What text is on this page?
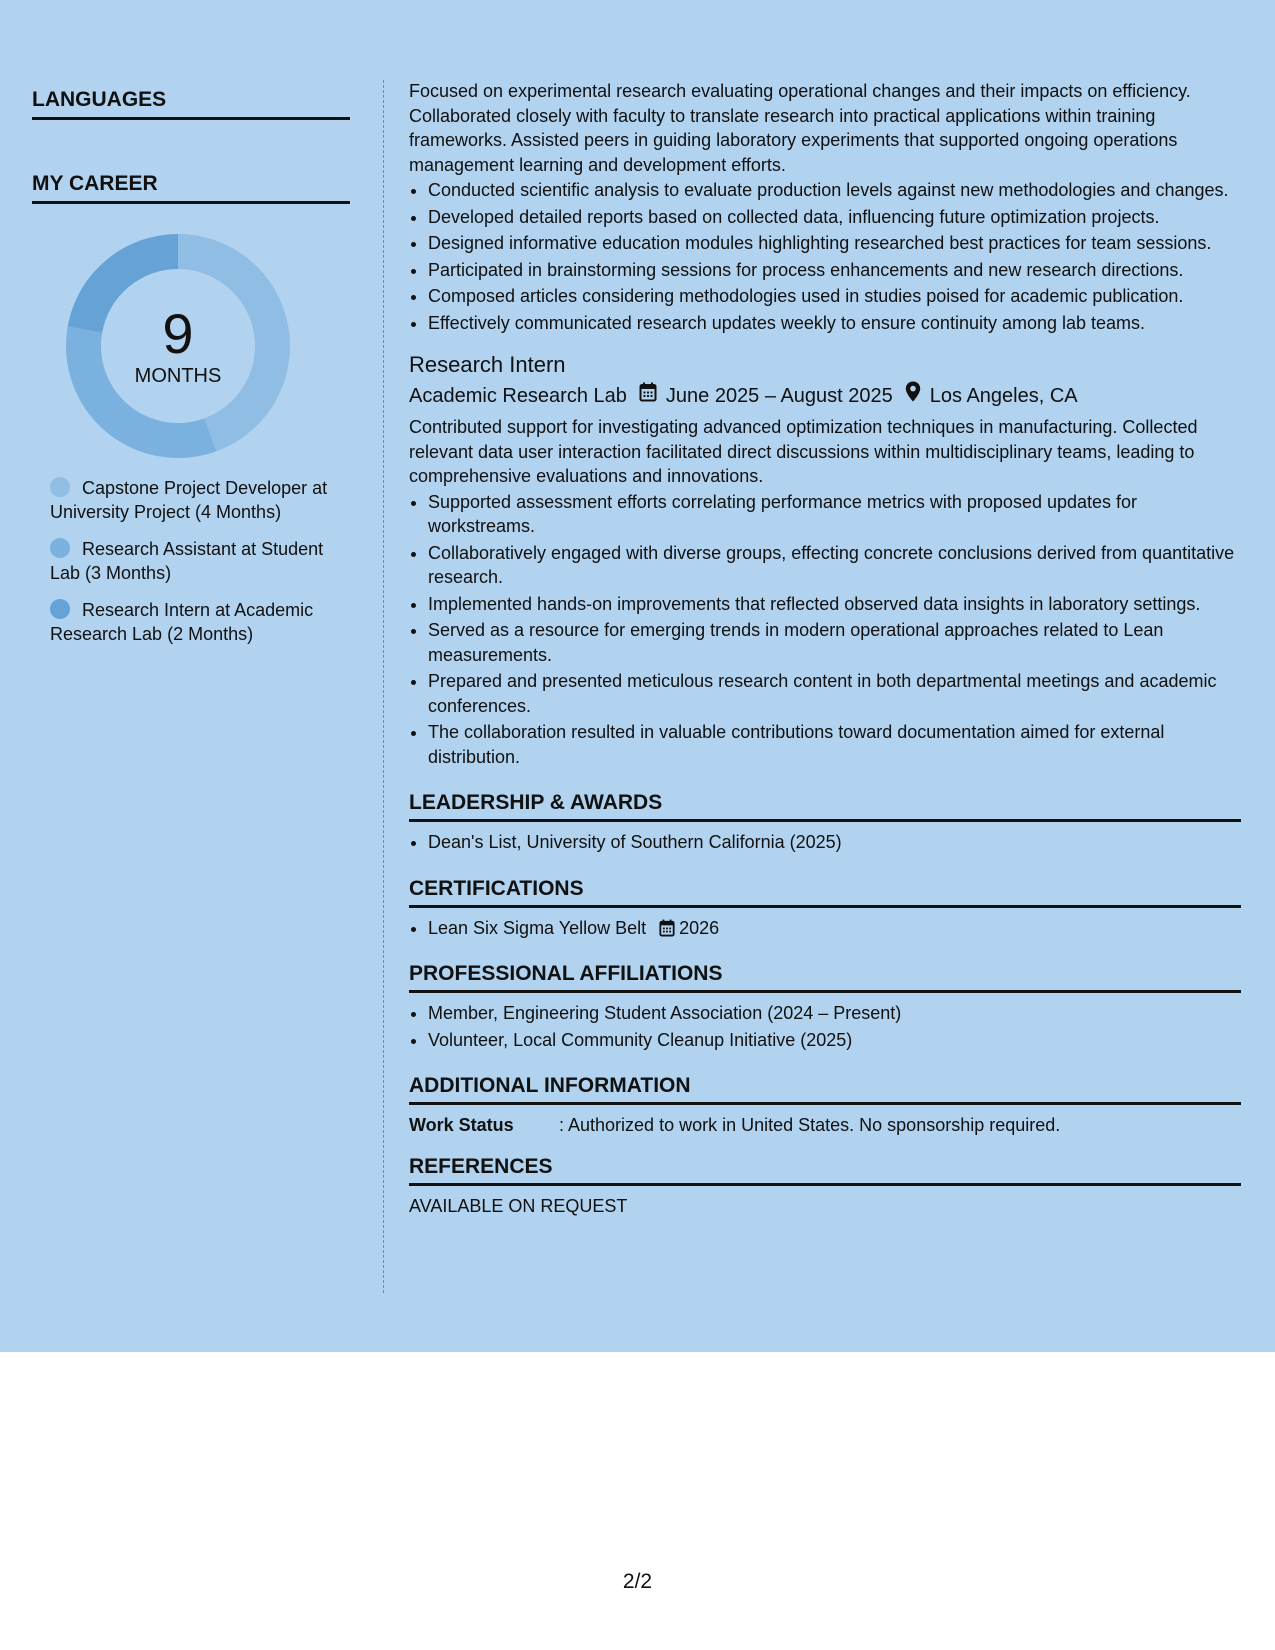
LANGUAGES
MY CAREER
9
MONTHS
Capstone Project Developer at University Project (4 Months)
Research Assistant at Student Lab (3 Months)
Research Intern at Academic Research Lab (2 Months)

Focused on experimental research evaluating operational changes and their impacts on efficiency. Collaborated closely with faculty to translate research into practical applications within training frameworks. Assisted peers in guiding laboratory experiments that supported ongoing operations management learning and development efforts.

• Conducted scientific analysis to evaluate production levels against new methodologies and changes.
• Developed detailed reports based on collected data, influencing future optimization projects.
• Designed informative education modules highlighting researched best practices for team sessions.
• Participated in brainstorming sessions for process enhancements and new research directions.
• Composed articles considering methodologies used in studies poised for academic publication.
• Effectively communicated research updates weekly to ensure continuity among lab teams.
Research Intern
Academic Research Lab June 2025 – August 2025 Los Angeles, CA

Contributed support for investigating advanced optimization techniques in manufacturing. Collected relevant data user interaction facilitated direct discussions within multidisciplinary teams, leading to comprehensive evaluations and innovations.

• Supported assessment efforts correlating performance metrics with proposed updates for workstreams.
• Collaboratively engaged with diverse groups, effecting concrete conclusions derived from quantitative research.
• Implemented hands-on improvements that reflected observed data insights in laboratory settings.
• Served as a resource for emerging trends in modern operational approaches related to Lean measurements.
• Prepared and presented meticulous research content in both departmental meetings and academic conferences.
• The collaboration resulted in valuable contributions toward documentation aimed for external distribution.
LEADERSHIP & AWARDS
• Dean's List, University of Southern California (2025)
CERTIFICATIONS
• Lean Six Sigma Yellow Belt 2026
PROFESSIONAL AFFILIATIONS
• Member, Engineering Student Association (2024 – Present)
• Volunteer, Local Community Cleanup Initiative (2025)
ADDITIONAL INFORMATION
Work Status	: Authorized to work in United States. No sponsorship required.
REFERENCES

AVAILABLE ON REQUEST

2/2
